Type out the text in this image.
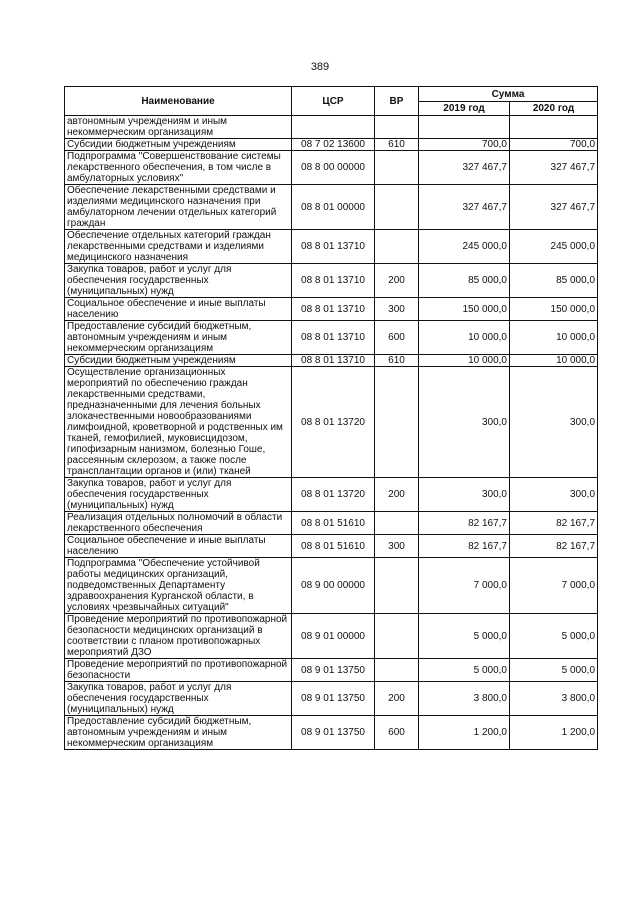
389
Наименование	ЦСР	ВР	Сумма	
			2019 год	2020 год
автономным учреждениям и иным некоммерческим организациям				
Субсидии бюджетным учреждениям	08 7 02 13600	610	700,0	700,0
Подпрограмма "Совершенствование системы лекарственного обеспечения, в том числе в амбулаторных условиях"	08 8 00 00000		327 467,7	327 467,7
Обеспечение лекарственными средствами и изделиями медицинского назначения при амбулаторном лечении отдельных категорий граждан	08 8 01 00000		327 467,7	327 467,7
Обеспечение отдельных категорий граждан лекарственными средствами и изделиями медицинского назначения	08 8 01 13710		245 000,0	245 000,0
Закупка товаров, работ и услуг для обеспечения государственных (муниципальных) нужд	08 8 01 13710	200	85 000,0	85 000,0
Социальное обеспечение и иные выплаты населению	08 8 01 13710	300	150 000,0	150 000,0
Предоставление субсидий бюджетным, автономным учреждениям и иным некоммерческим организациям	08 8 01 13710	600	10 000,0	10 000,0
Субсидии бюджетным учреждениям	08 8 01 13710	610	10 000,0	10 000,0
Осуществление организационных мероприятий по обеспечению граждан лекарственными средствами, предназначенными для лечения больных злокачественными новообразованиями лимфоидной, кроветворной и родственных им тканей, гемофилией, муковисцидозом, гипофизарным нанизмом, болезнью Гоше, рассеянным склерозом, а также после трансплантации органов и (или) тканей	08 8 01 13720		300,0	300,0
Закупка товаров, работ и услуг для обеспечения государственных (муниципальных) нужд	08 8 01 13720	200	300,0	300,0
Реализация отдельных полномочий в области лекарственного обеспечения	08 8 01 51610		82 167,7	82 167,7
Социальное обеспечение и иные выплаты населению	08 8 01 51610	300	82 167,7	82 167,7
Подпрограмма "Обеспечение устойчивой работы медицинских организаций, подведомственных Департаменту здравоохранения Курганской области, в условиях чрезвычайных ситуаций"	08 9 00 00000		7 000,0	7 000,0
Проведение мероприятий по противопожарной безопасности медицинских организаций в соответствии с планом противопожарных мероприятий ДЗО	08 9 01 00000		5 000,0	5 000,0
Проведение мероприятий по противопожарной безопасности	08 9 01 13750		5 000,0	5 000,0
Закупка товаров, работ и услуг для обеспечения государственных (муниципальных) нужд	08 9 01 13750	200	3 800,0	3 800,0
Предоставление субсидий бюджетным, автономным учреждениям и иным некоммерческим организациям	08 9 01 13750	600	1 200,0	1 200,0
